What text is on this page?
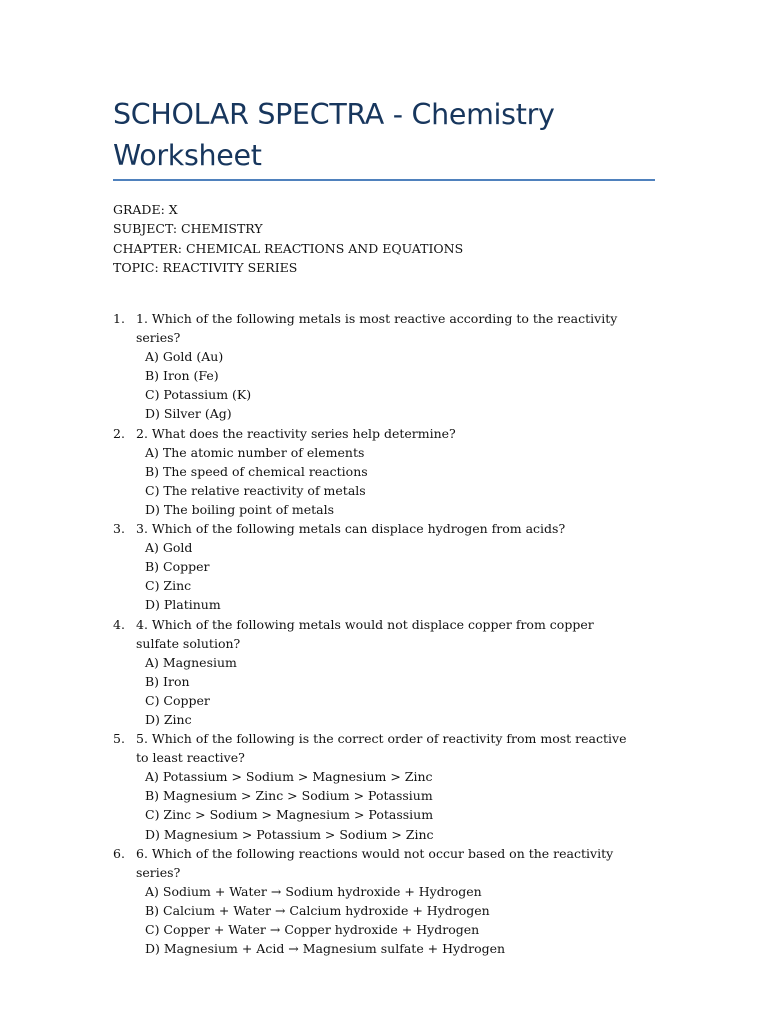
SCHOLAR SPECTRA - Chemistry Worksheet
GRADE: X
SUBJECT: CHEMISTRY
CHAPTER: CHEMICAL REACTIONS AND EQUATIONS
TOPIC: REACTIVITY SERIES
1. 1. Which of the following metals is most reactive according to the reactivity series?
A) Gold (Au)
B) Iron (Fe)
C) Potassium (K)
D) Silver (Ag)
2. 2. What does the reactivity series help determine?
A) The atomic number of elements
B) The speed of chemical reactions
C) The relative reactivity of metals
D) The boiling point of metals
3. 3. Which of the following metals can displace hydrogen from acids?
A) Gold
B) Copper
C) Zinc
D) Platinum
4. 4. Which of the following metals would not displace copper from copper sulfate solution?
A) Magnesium
B) Iron
C) Copper
D) Zinc
5. 5. Which of the following is the correct order of reactivity from most reactive to least reactive?
A) Potassium > Sodium > Magnesium > Zinc
B) Magnesium > Zinc > Sodium > Potassium
C) Zinc > Sodium > Magnesium > Potassium
D) Magnesium > Potassium > Sodium > Zinc
6. 6. Which of the following reactions would not occur based on the reactivity series?
A) Sodium + Water → Sodium hydroxide + Hydrogen
B) Calcium + Water → Calcium hydroxide + Hydrogen
C) Copper + Water → Copper hydroxide + Hydrogen
D) Magnesium + Acid → Magnesium sulfate + Hydrogen
